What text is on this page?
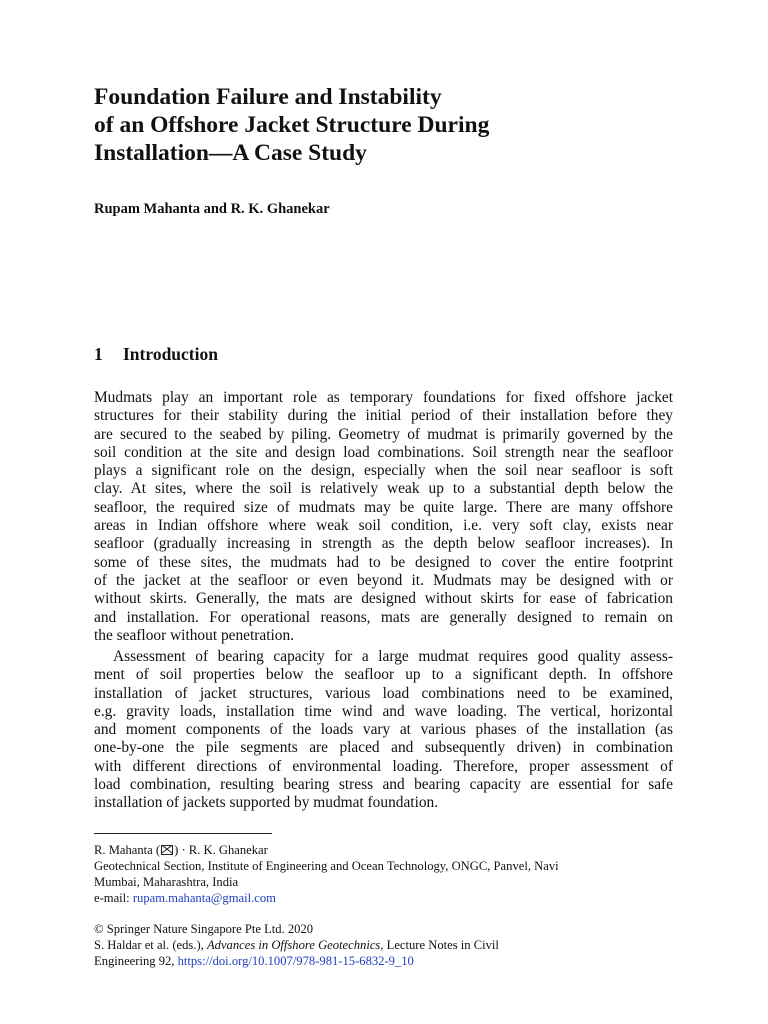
Foundation Failure and Instability
of an Offshore Jacket Structure During
Installation—A Case Study
Rupam Mahanta and R. K. Ghanekar
1 Introduction
Mudmats play an important role as temporary foundations for fixed offshore jacket
structures for their stability during the initial period of their installation before they
are secured to the seabed by piling. Geometry of mudmat is primarily governed by the
soil condition at the site and design load combinations. Soil strength near the seafloor
plays a significant role on the design, especially when the soil near seafloor is soft
clay. At sites, where the soil is relatively weak up to a substantial depth below the
seafloor, the required size of mudmats may be quite large. There are many offshore
areas in Indian offshore where weak soil condition, i.e. very soft clay, exists near
seafloor (gradually increasing in strength as the depth below seafloor increases). In
some of these sites, the mudmats had to be designed to cover the entire footprint
of the jacket at the seafloor or even beyond it. Mudmats may be designed with or
without skirts. Generally, the mats are designed without skirts for ease of fabrication
and installation. For operational reasons, mats are generally designed to remain on
the seafloor without penetration.
Assessment of bearing capacity for a large mudmat requires good quality assess-
ment of soil properties below the seafloor up to a significant depth. In offshore
installation of jacket structures, various load combinations need to be examined,
e.g. gravity loads, installation time wind and wave loading. The vertical, horizontal
and moment components of the loads vary at various phases of the installation (as
one-by-one the pile segments are placed and subsequently driven) in combination
with different directions of environmental loading. Therefore, proper assessment of
load combination, resulting bearing stress and bearing capacity are essential for safe
installation of jackets supported by mudmat foundation.
R. Mahanta ( ) · R. K. Ghanekar
Geotechnical Section, Institute of Engineering and Ocean Technology, ONGC, Panvel, Navi
Mumbai, Maharashtra, India
e-mail: rupam.mahanta@gmail.com
© Springer Nature Singapore Pte Ltd. 2020
S. Haldar et al. (eds.), Advances in Offshore Geotechnics, Lecture Notes in Civil
Engineering 92, https://doi.org/10.1007/978-981-15-6832-9_10
